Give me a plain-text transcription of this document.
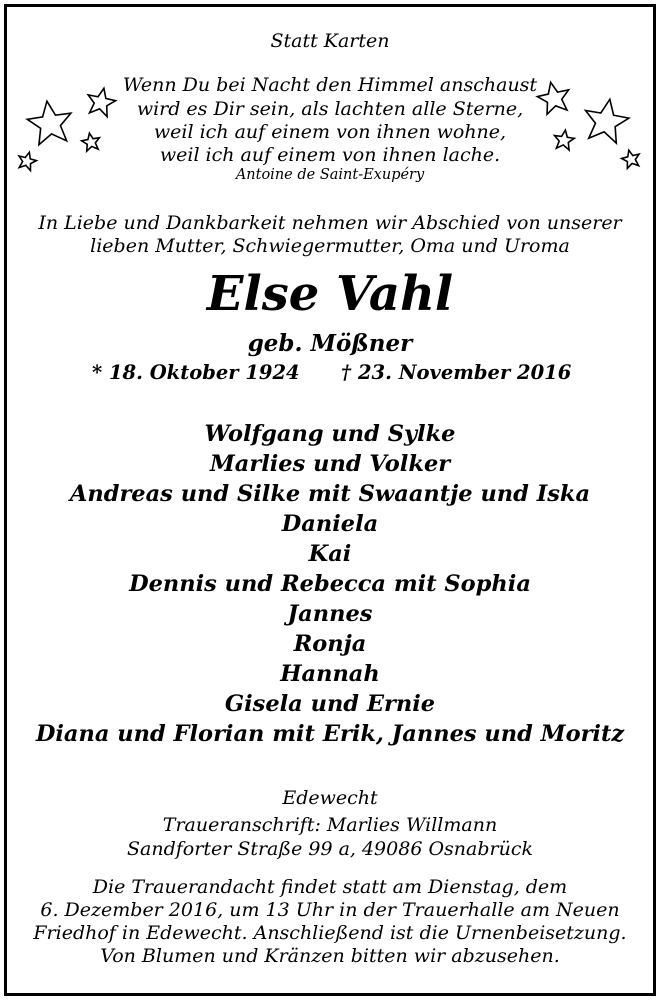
Statt Karten
Wenn Du bei Nacht den Himmel anschaust
wird es Dir sein, als lachten alle Sterne,
weil ich auf einem von ihnen wohne,
weil ich auf einem von ihnen lache.
Antoine de Saint-Exupéry
In Liebe und Dankbarkeit nehmen wir Abschied von unserer
lieben Mutter, Schwiegermutter, Oma und Uroma
Else Vahl
geb. Mößner
* 18. Oktober 1924 † 23. November 2016
Wolfgang und Sylke
Marlies und Volker
Andreas und Silke mit Swaantje und Iska
Daniela
Kai
Dennis und Rebecca mit Sophia
Jannes
Ronja
Hannah
Gisela und Ernie
Diana und Florian mit Erik, Jannes und Moritz
Edewecht
Traueranschrift: Marlies Willmann
Sandforter Straße 99 a, 49086 Osnabrück
Die Trauerandacht findet statt am Dienstag, dem
6. Dezember 2016, um 13 Uhr in der Trauerhalle am Neuen
Friedhof in Edewecht. Anschließend ist die Urnenbeisetzung.
Von Blumen und Kränzen bitten wir abzusehen.
